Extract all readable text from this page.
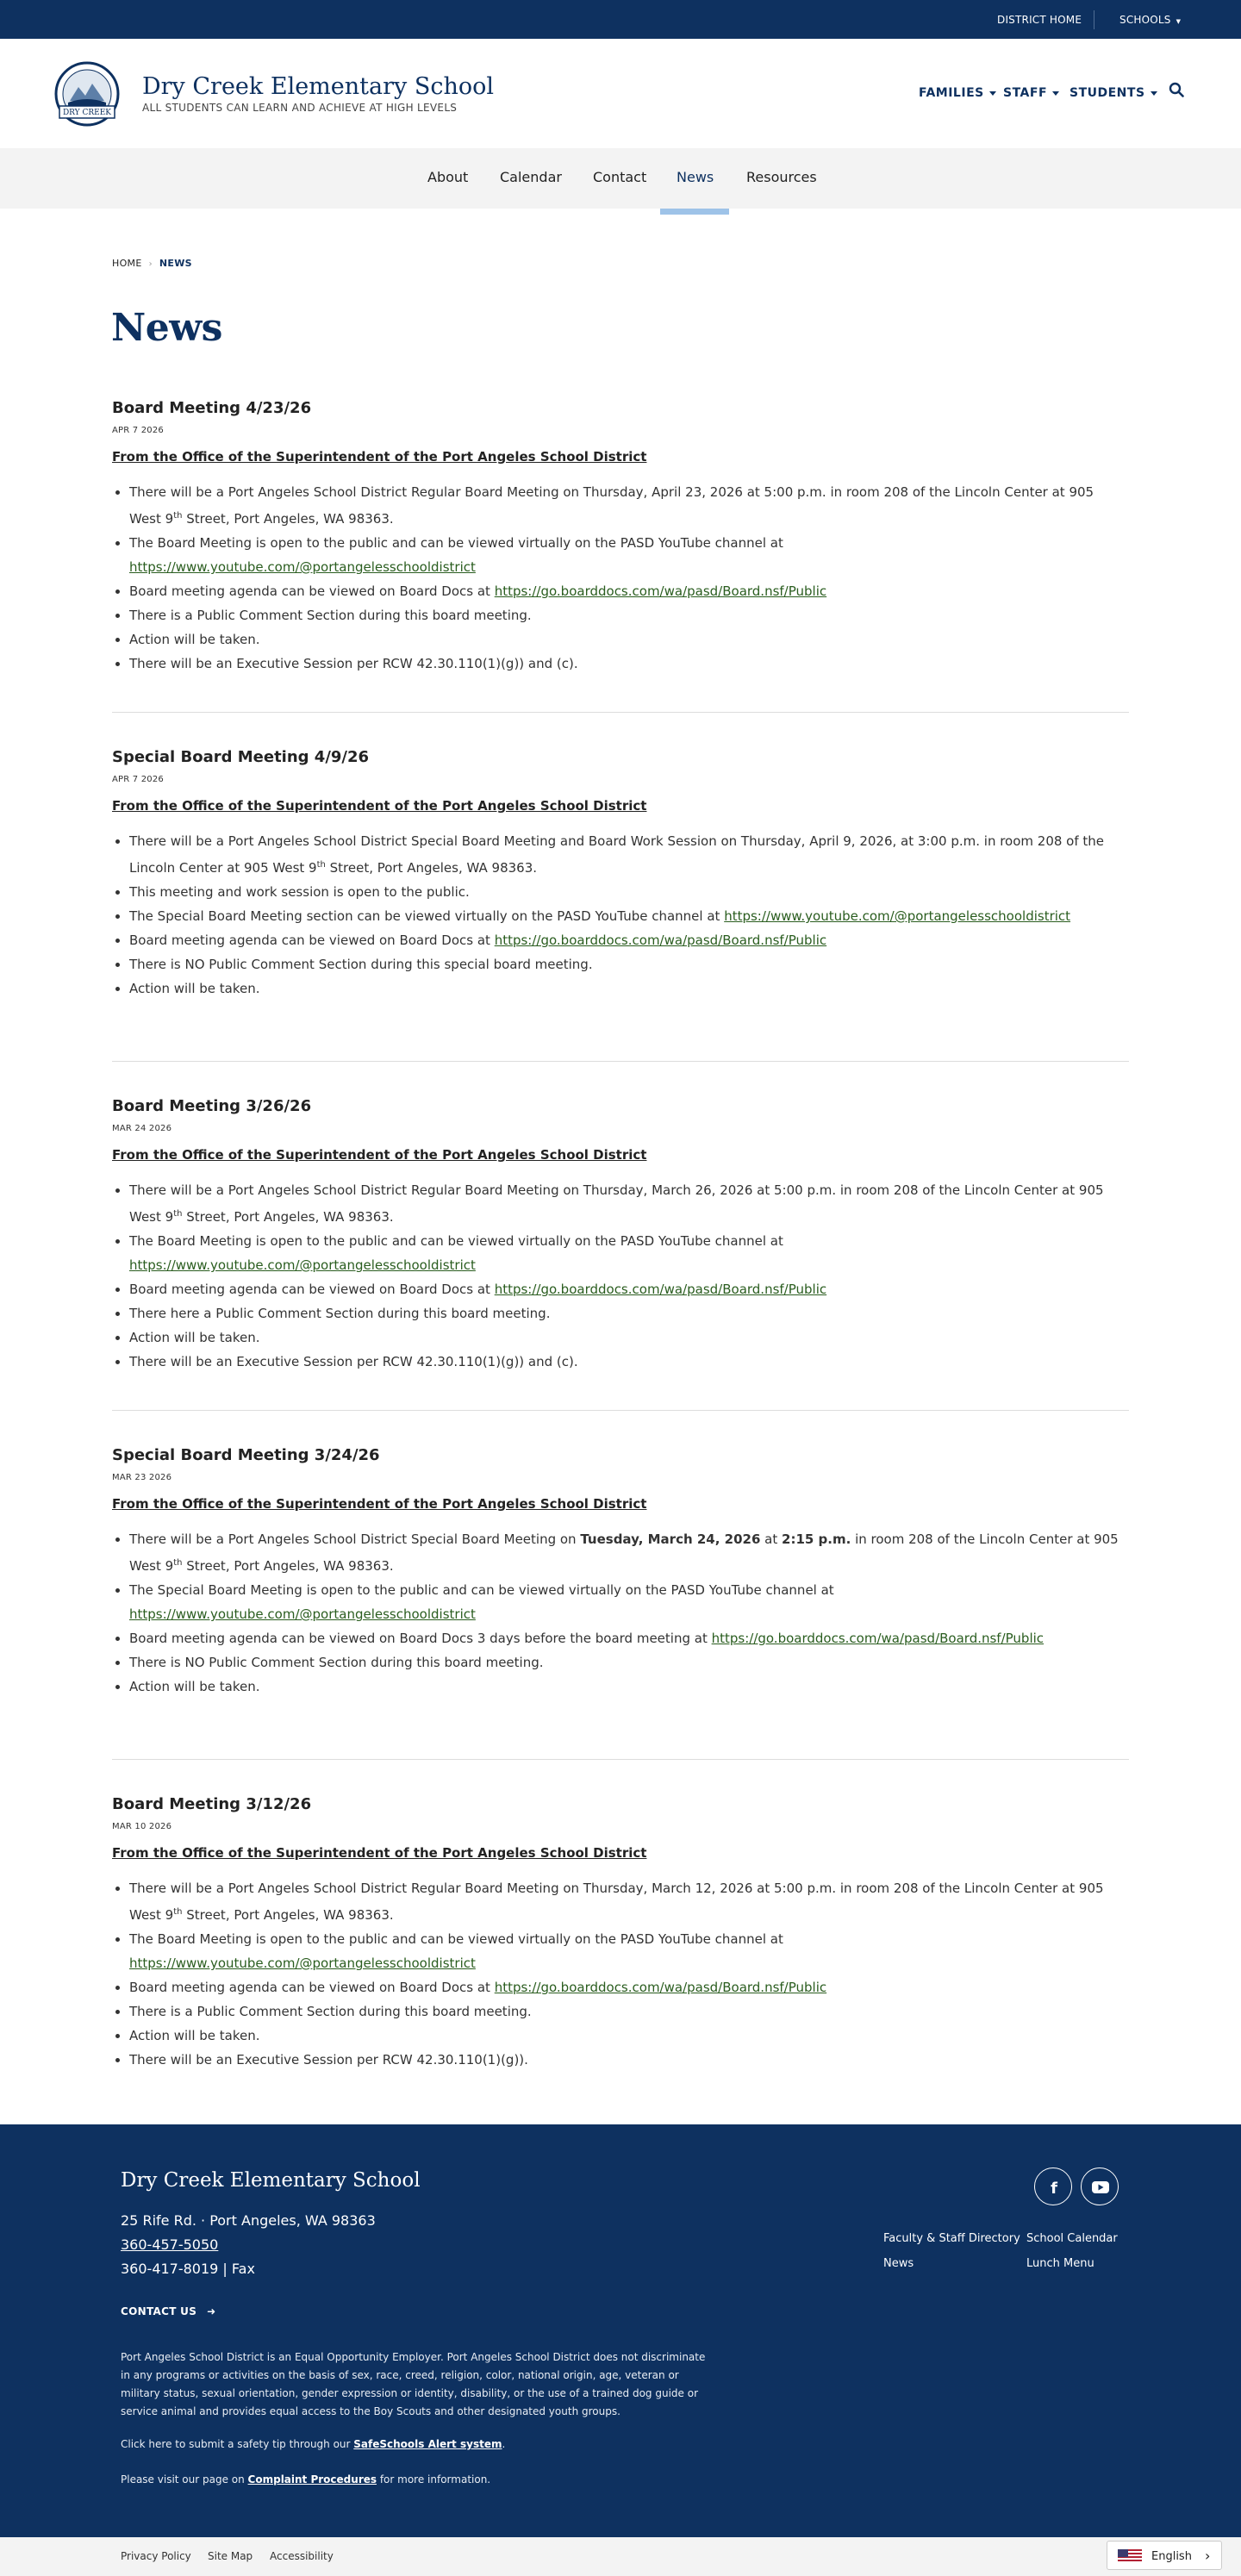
DISTRICT HOME	SCHOOLS ▼
DRY CREEK
Dry Creek Elementary School
ALL STUDENTS CAN LEARN AND ACHIEVE AT HIGH LEVELS
FAMILIES	STAFF	STUDENTS
About Calendar Contact News Resources
HOME › NEWS
News
Board Meeting 4/23/26
APR 7 2026
From the Office of the Superintendent of the Port Angeles School District
• There will be a Port Angeles School District Regular Board Meeting on Thursday, April 23, 2026 at 5:00 p.m. in room 208 of the Lincoln Center at 905 West 9th Street, Port Angeles, WA 98363.
• The Board Meeting is open to the public and can be viewed virtually on the PASD YouTube channel at https://www.youtube.com/@portangelesschooldistrict
• Board meeting agenda can be viewed on Board Docs at https://go.boarddocs.com/wa/pasd/Board.nsf/Public
• There is a Public Comment Section during this board meeting.
• Action will be taken.
• There will be an Executive Session per RCW 42.30.110(1)(g)) and (c).
Special Board Meeting 4/9/26
APR 7 2026
From the Office of the Superintendent of the Port Angeles School District
• There will be a Port Angeles School District Special Board Meeting and Board Work Session on Thursday, April 9, 2026, at 3:00 p.m. in room 208 of the Lincoln Center at 905 West 9th Street, Port Angeles, WA 98363.
• This meeting and work session is open to the public.
• The Special Board Meeting section can be viewed virtually on the PASD YouTube channel at https://www.youtube.com/@portangelesschooldistrict
• Board meeting agenda can be viewed on Board Docs at https://go.boarddocs.com/wa/pasd/Board.nsf/Public
• There is NO Public Comment Section during this special board meeting.
• Action will be taken.
Board Meeting 3/26/26
MAR 24 2026
From the Office of the Superintendent of the Port Angeles School District
• There will be a Port Angeles School District Regular Board Meeting on Thursday, March 26, 2026 at 5:00 p.m. in room 208 of the Lincoln Center at 905 West 9th Street, Port Angeles, WA 98363.
• The Board Meeting is open to the public and can be viewed virtually on the PASD YouTube channel at https://www.youtube.com/@portangelesschooldistrict
• Board meeting agenda can be viewed on Board Docs at https://go.boarddocs.com/wa/pasd/Board.nsf/Public
• There here a Public Comment Section during this board meeting.
• Action will be taken.
• There will be an Executive Session per RCW 42.30.110(1)(g)) and (c).
Special Board Meeting 3/24/26
MAR 23 2026
From the Office of the Superintendent of the Port Angeles School District
• There will be a Port Angeles School District Special Board Meeting on Tuesday, March 24, 2026 at 2:15 p.m. in room 208 of the Lincoln Center at 905 West 9th Street, Port Angeles, WA 98363.
• The Special Board Meeting is open to the public and can be viewed virtually on the PASD YouTube channel at https://www.youtube.com/@portangelesschooldistrict
• Board meeting agenda can be viewed on Board Docs 3 days before the board meeting at https://go.boarddocs.com/wa/pasd/Board.nsf/Public
• There is NO Public Comment Section during this board meeting.
• Action will be taken.
Board Meeting 3/12/26
MAR 10 2026
From the Office of the Superintendent of the Port Angeles School District
• There will be a Port Angeles School District Regular Board Meeting on Thursday, March 12, 2026 at 5:00 p.m. in room 208 of the Lincoln Center at 905 West 9th Street, Port Angeles, WA 98363.
• The Board Meeting is open to the public and can be viewed virtually on the PASD YouTube channel at https://www.youtube.com/@portangelesschooldistrict
• Board meeting agenda can be viewed on Board Docs at https://go.boarddocs.com/wa/pasd/Board.nsf/Public
• There is a Public Comment Section during this board meeting.
• Action will be taken.
• There will be an Executive Session per RCW 42.30.110(1)(g)).
Dry Creek Elementary School
25 Rife Rd. · Port Angeles, WA 98363
360-457-5050
360-417-8019 | Fax
CONTACT US ➜
Port Angeles School District is an Equal Opportunity Employer. Port Angeles School District does not discriminate in any programs or activities on the basis of sex, race, creed, religion, color, national origin, age, veteran or military status, sexual orientation, gender expression or identity, disability, or the use of a trained dog guide or service animal and provides equal access to the Boy Scouts and other designated youth groups.
Click here to submit a safety tip through our SafeSchools Alert system.
Please visit our page on Complaint Procedures for more information.
f
Faculty & Staff Directory School Calendar
News	Lunch Menu
Privacy Policy Site Map Accessibility	English ›
